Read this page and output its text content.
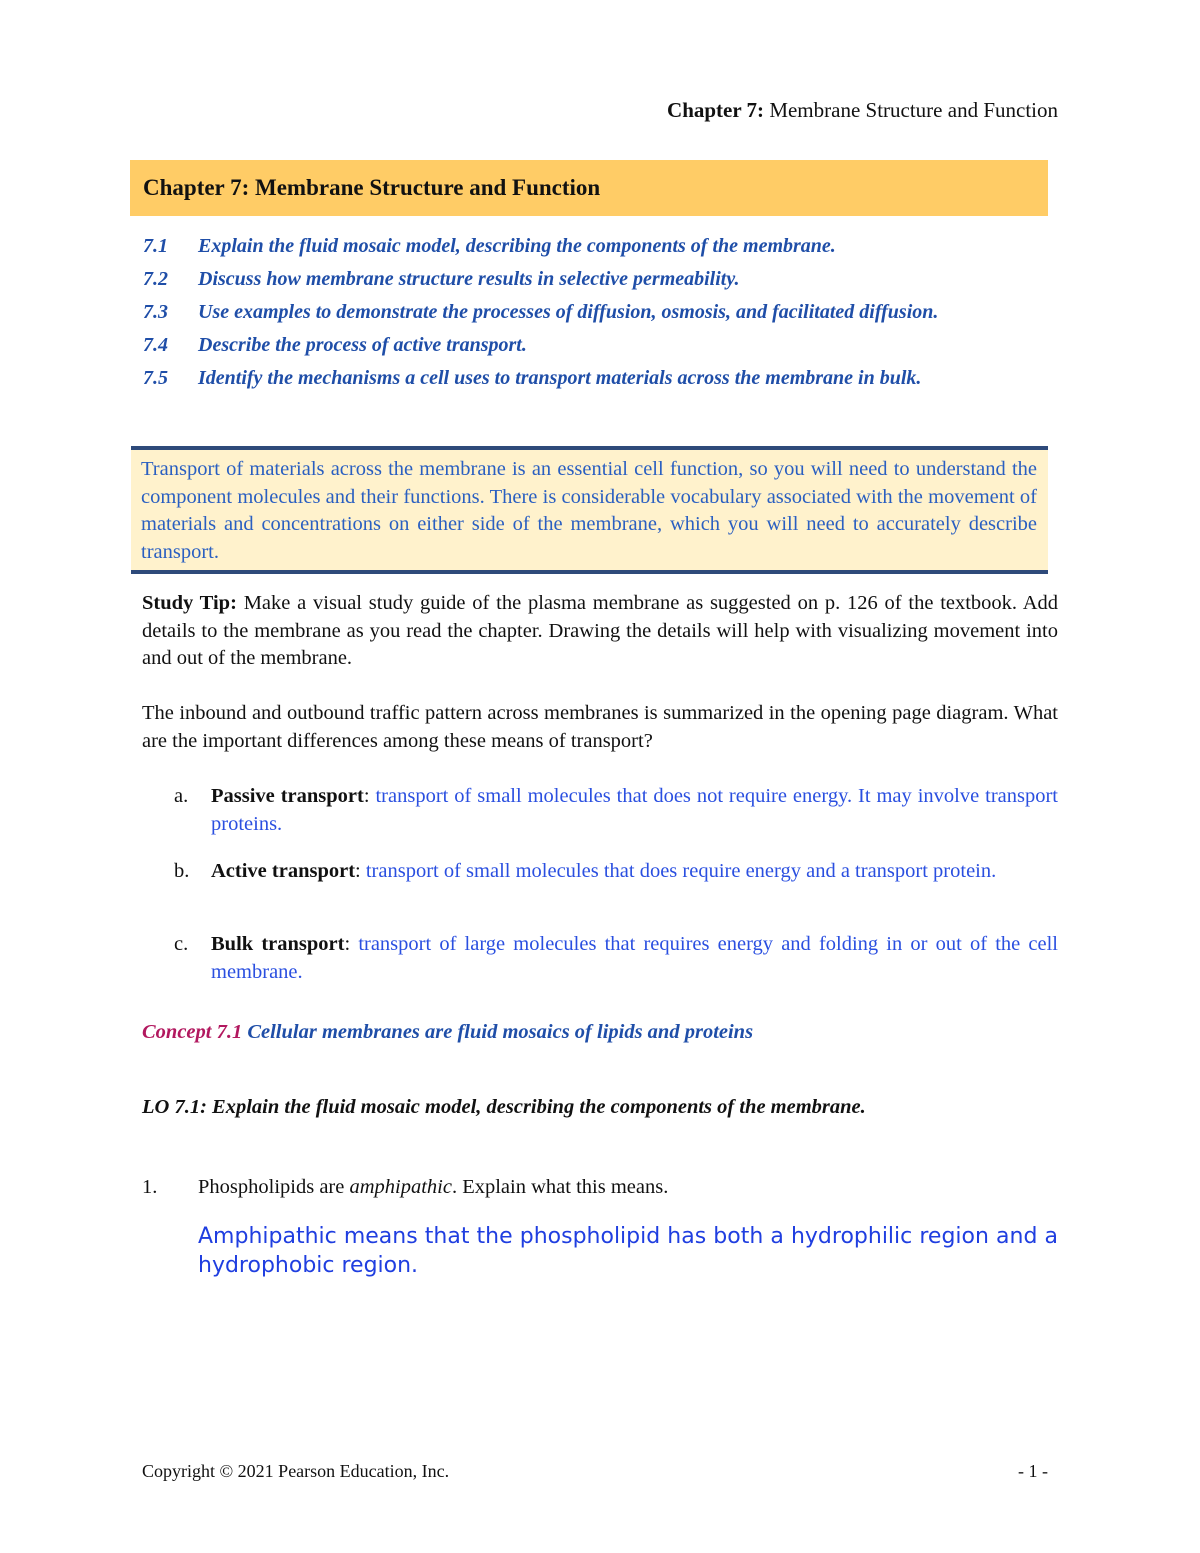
Chapter 7: Membrane Structure and Function
Chapter 7: Membrane Structure and Function
7.1	Explain the fluid mosaic model, describing the components of the membrane.
7.2	Discuss how membrane structure results in selective permeability.
7.3	Use examples to demonstrate the processes of diffusion, osmosis, and facilitated diffusion.
7.4	Describe the process of active transport.
7.5	Identify the mechanisms a cell uses to transport materials across the membrane in bulk.

Transport of materials across the membrane is an essential cell function, so you will need to understand the component molecules and their functions. There is considerable vocabulary associated with the movement of materials and concentrations on either side of the membrane, which you will need to accurately describe transport.

Study Tip: Make a visual study guide of the plasma membrane as suggested on p. 126 of the textbook. Add details to the membrane as you read the chapter. Drawing the details will help with visualizing movement into and out of the membrane.
The inbound and outbound traffic pattern across membranes is summarized in the opening page diagram. What are the important differences among these means of transport?
a.	Passive transport: transport of small molecules that does not require energy. It may involve transport proteins.
b.	Active transport: transport of small molecules that does require energy and a transport protein.
c.	Bulk transport: transport of large molecules that requires energy and folding in or out of the cell membrane.
Concept 7.1 Cellular membranes are fluid mosaics of lipids and proteins
LO 7.1: Explain the fluid mosaic model, describing the components of the membrane.
1.	Phospholipids are amphipathic. Explain what this means.
Amphipathic means that the phospholipid has both a hydrophilic region and a hydrophobic region.
Copyright © 2021 Pearson Education, Inc.	- 1 -
